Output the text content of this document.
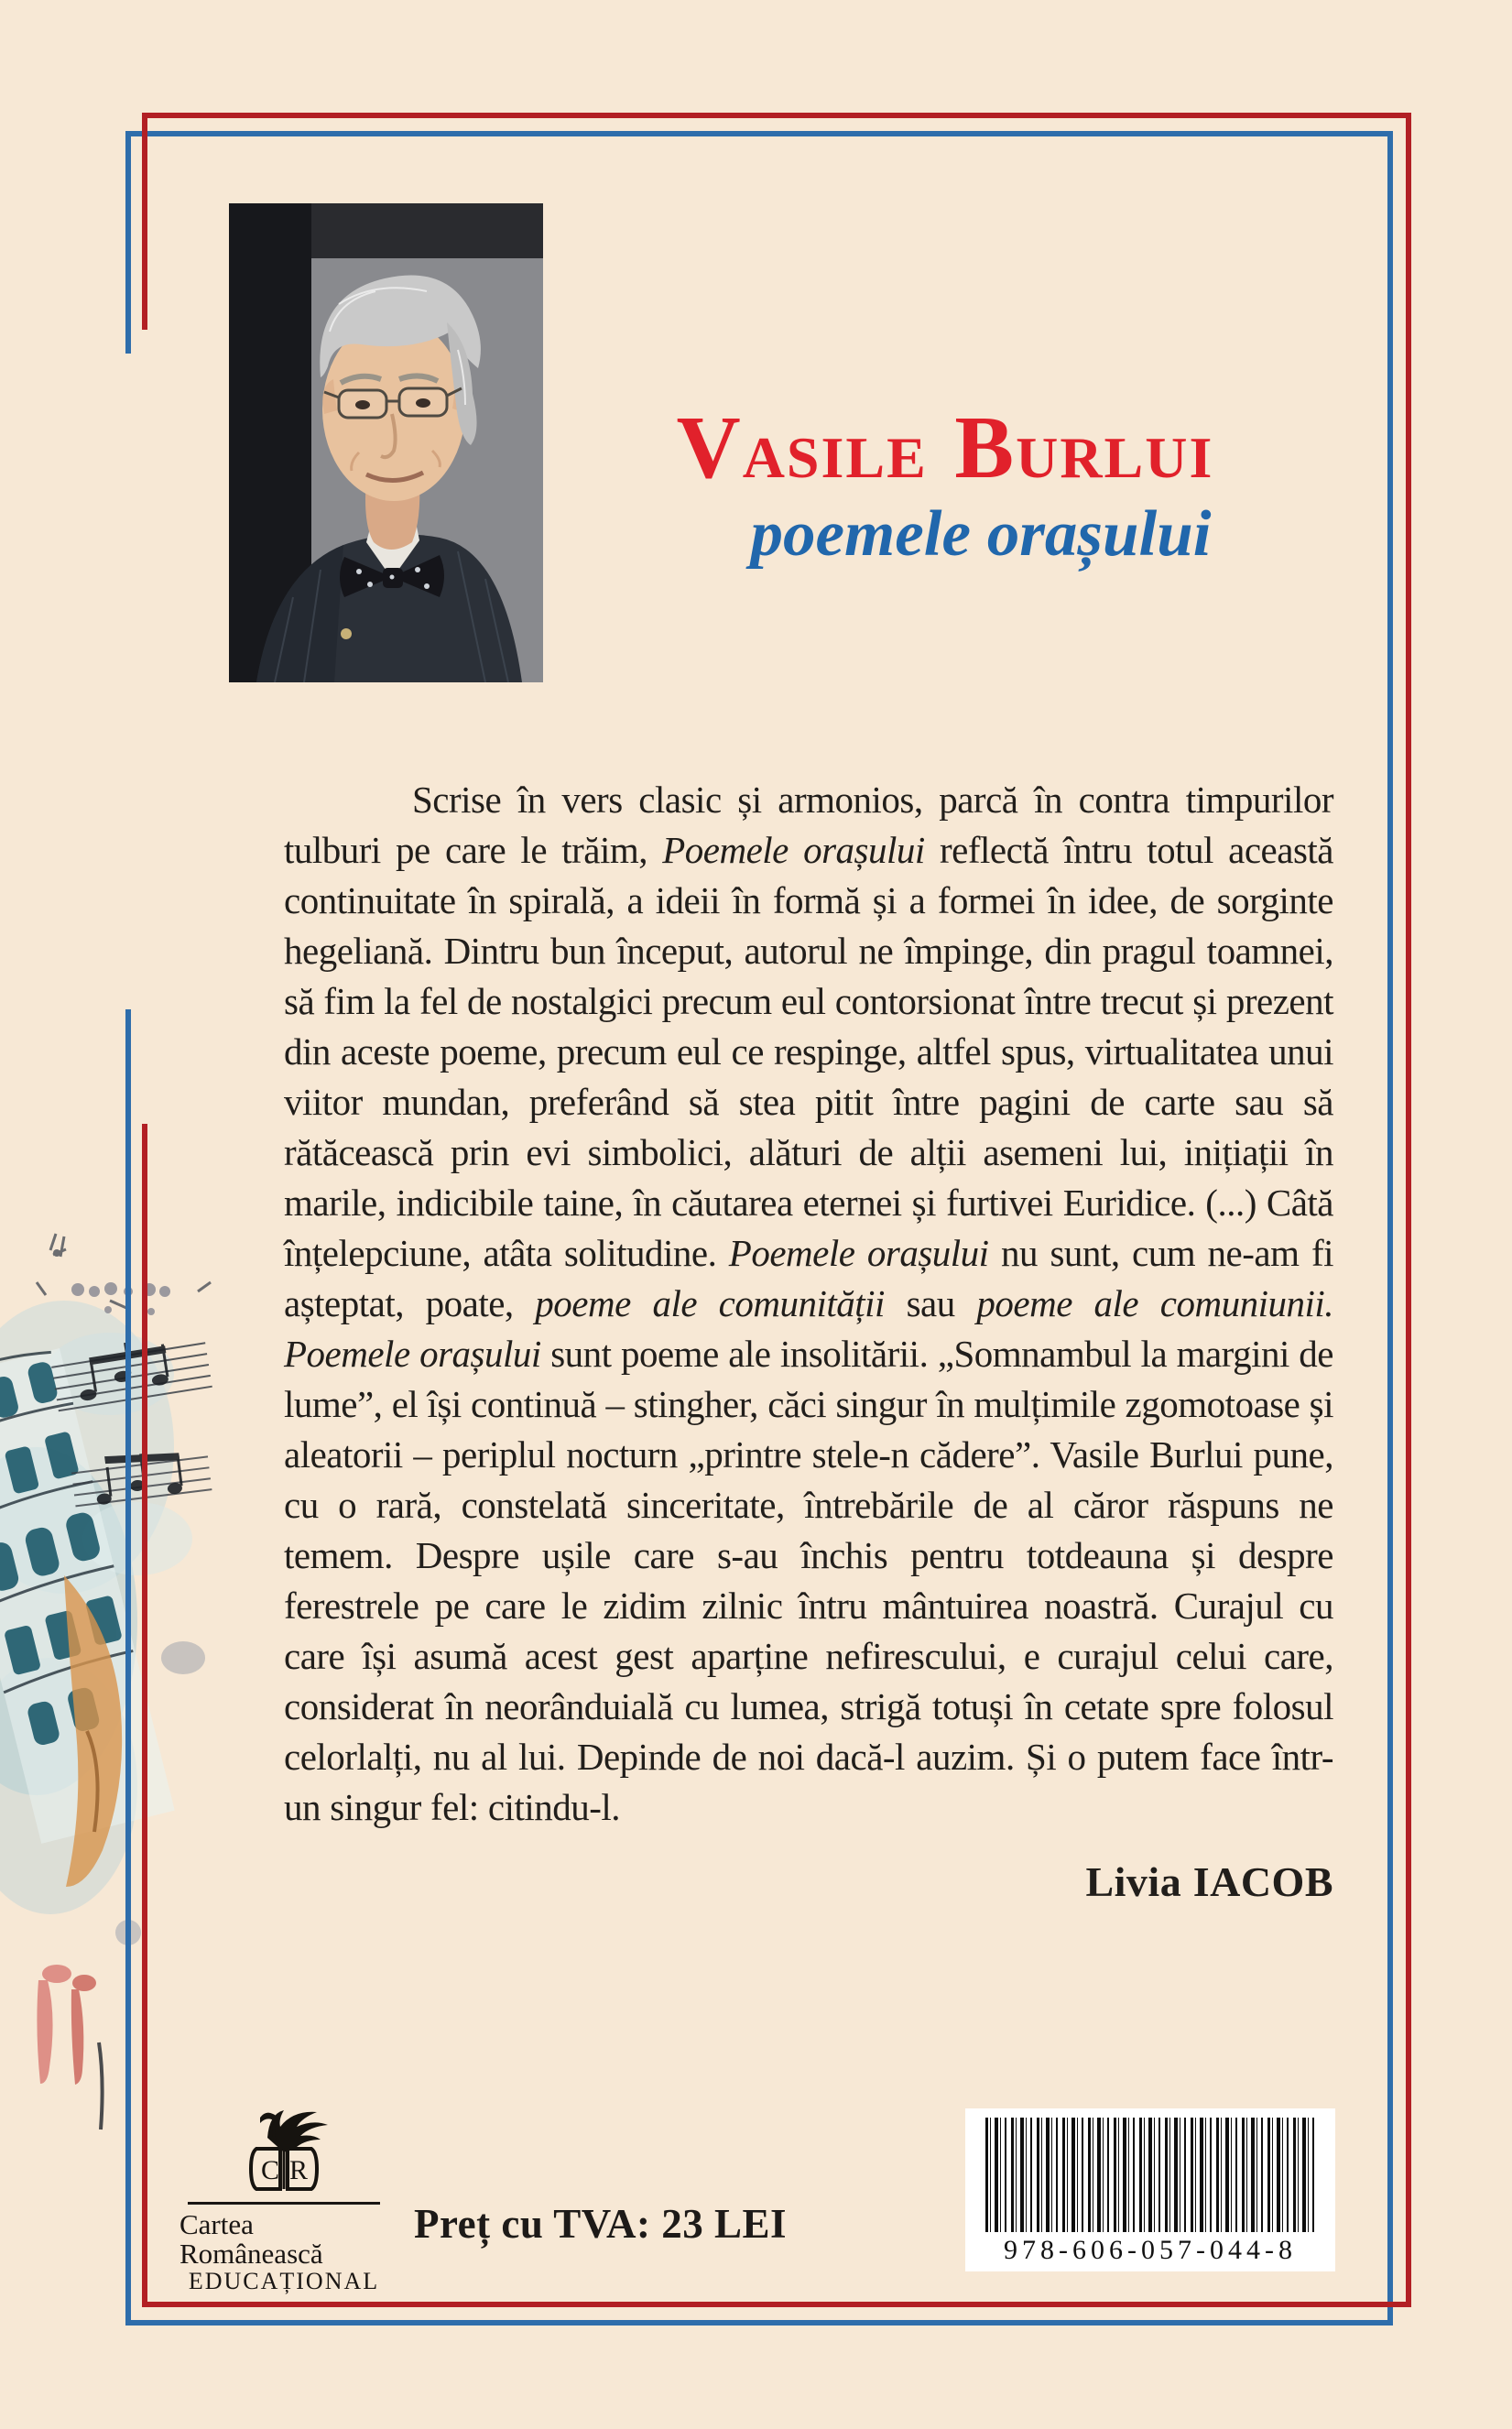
VASILE   BURLUI
poemele orașului

Scrise în vers clasic și armonios, parcă în contra timpurilor tulburi pe care le trăim, Poemele orașului reflectă întru totul această continuitate în spirală, a ideii în formă și a formei în idee, de sorginte hegeliană. Dintru bun început, autorul ne împinge, din pragul toamnei, să fim la fel de nostalgici precum eul contorsionat între trecut și prezent din aceste poeme, precum eul ce respinge, altfel spus, virtualitatea unui viitor mundan, preferând să stea pitit între pagini de carte sau să rătăcească prin evi simbolici, alături de alții asemeni lui, inițiații în marile, indicibile taine, în căutarea eternei și furtivei Euridice. (...) Câtă înțelepciune, atâta solitudine. Poemele orașului nu sunt, cum ne-am fi așteptat, poate, poeme ale comunității sau poeme ale comuniunii. Poemele orașului sunt poeme ale insolitării. „Somnambul la margini de lume”, el își continuă – stingher, căci singur în mulțimile zgomotoase și aleatorii – periplul nocturn „printre stele-n cădere”. Vasile Burlui pune, cu o rară, constelată sinceritate, întrebările de al căror răspuns ne temem. Despre ușile care s-au închis pentru totdeauna și despre ferestrele pe care le zidim zilnic întru mântuirea noastră. Curajul cu care își asumă acest gest aparține nefirescului, e curajul celui care, considerat în neorânduială cu lumea, strigă totuși în cetate spre folosul celorlalți, nu al lui. Depinde de noi dacă-l auzim. Și o putem face într-un singur fel: citindu-l.

Livia IACOB
C R
Cartea Românească
EDUCAȚIONAL
Preț cu TVA: 23 LEI
978-606-057-044-8
